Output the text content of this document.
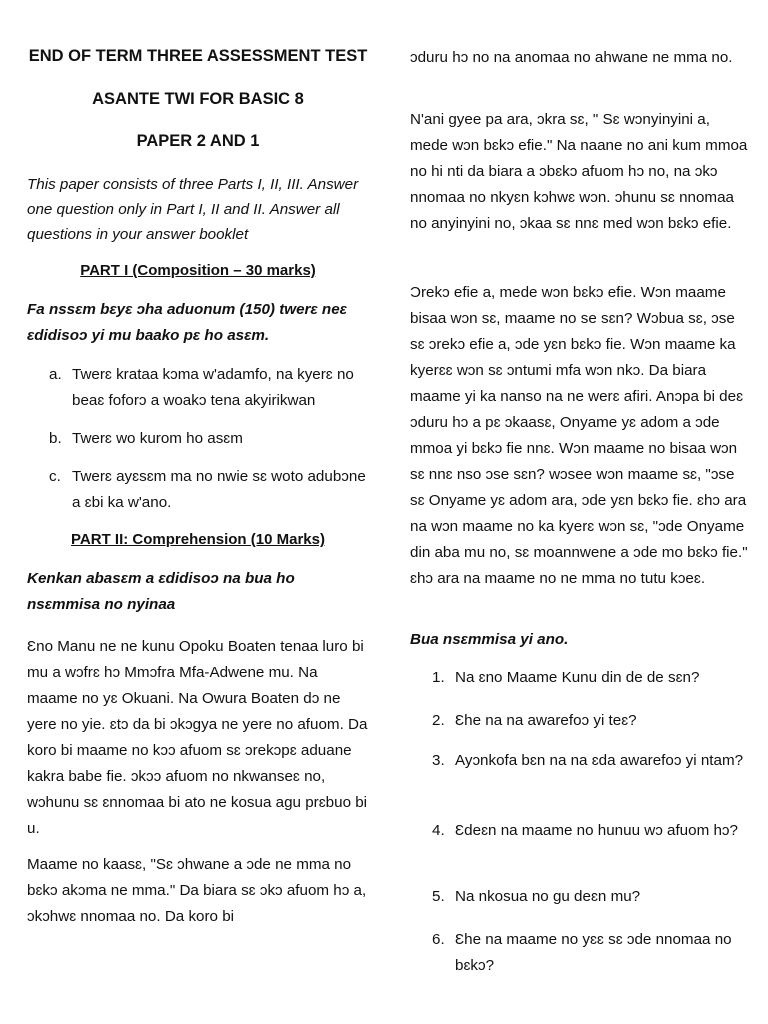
END OF TERM THREE ASSESSMENT TEST

ASANTE TWI FOR BASIC 8

PAPER 2 AND 1

This paper consists of three Parts I, II, III. Answer one question only in Part I, II and II. Answer all questions in your answer booklet

PART I (Composition – 30 marks)

Fa nssɛm bɛyɛ ɔha aduonum (150) twerɛ neɛ ɛdidisoɔ yi mu baako pɛ ho asɛm.

a. Twerɛ krataa kɔma w'adamfo, na kyerɛ no beaɛ foforɔ a woakɔ tena akyirikwan
b. Twerɛ wo kurom ho asɛm
c. Twerɛ ayɛsɛm ma no nwie sɛ woto adubɔne a ɛbi ka w'ano.

PART II: Comprehension (10 Marks)

Kenkan abasɛm a ɛdidisoɔ na bua ho nsɛmmisa no nyinaa

Ɛno Manu ne ne kunu Opoku Boaten tenaa luro bi mu a wɔfrɛ hɔ Mmɔfra Mfa-Adwene mu. Na maame no yɛ Okuani. Na Owura Boaten dɔ ne yere no yie. ɛtɔ da bi ɔkɔgya ne yere no afuom. Da koro bi maame no kɔɔ afuom sɛ ɔrekɔpɛ aduane kakra babe fie. ɔkɔɔ afuom no nkwanseɛ no, wɔhunu sɛ ɛnnomaa bi ato ne kosua agu prɛbuo bi u.

Maame no kaasɛ, "Sɛ ɔhwane a ɔde ne mma no bɛkɔ akɔma ne mma." Da biara sɛ ɔkɔ afuom hɔ a, ɔkɔhwɛ nnomaa no. Da koro bi

ɔduru hɔ no na anomaa no ahwane ne mma no.

N'ani gyee pa ara, ɔkra sɛ, " Sɛ wɔnyinyini a, mede wɔn bɛkɔ efie." Na naane no ani kum mmoa no hi nti da biara a ɔbɛkɔ afuom hɔ no, na ɔkɔ nnomaa no nkyɛn kɔhwɛ wɔn. ɔhunu sɛ nnomaa no anyinyini no, ɔkaa sɛ nnɛ med wɔn bɛkɔ efie.

Ɔrekɔ efie a, mede wɔn bɛkɔ efie. Wɔn maame bisaa wɔn sɛ, maame no se sɛn? Wɔbua sɛ, ɔse sɛ ɔrekɔ efie a, ɔde yɛn bɛkɔ fie. Wɔn maame ka kyerɛɛ wɔn sɛ ɔntumi mfa wɔn nkɔ. Da biara maame yi ka nanso na ne werɛ afiri. Anɔpa bi deɛ ɔduru hɔ a pɛ ɔkaasɛ, Onyame yɛ adom a ɔde mmoa yi bɛkɔ fie nnɛ. Wɔn maame no bisaa wɔn sɛ nnɛ nso ɔse sɛn? wɔsee wɔn maame sɛ, "ɔse sɛ Onyame yɛ adom ara, ɔde yɛn bɛkɔ fie. ɛhɔ ara na wɔn maame no ka kyerɛ wɔn sɛ, "ɔde Onyame din aba mu no, sɛ moannwene a ɔde mo bɛkɔ fie." ɛhɔ ara na maame no ne mma no tutu kɔeɛ.

Bua nsɛmmisa yi ano.

1. Na ɛno Maame Kunu din de de sɛn?
2. Ɛhe na na awarefoɔ yi teɛ?
3. Ayɔnkofa bɛn na na ɛda awarefoɔ yi ntam?
4. Ɛdeɛn na maame no hunuu wɔ afuom hɔ?
5. Na nkosua no gu deɛn mu?
6. Ɛhe na maame no yɛɛ sɛ ɔde nnomaa no bɛkɔ?
